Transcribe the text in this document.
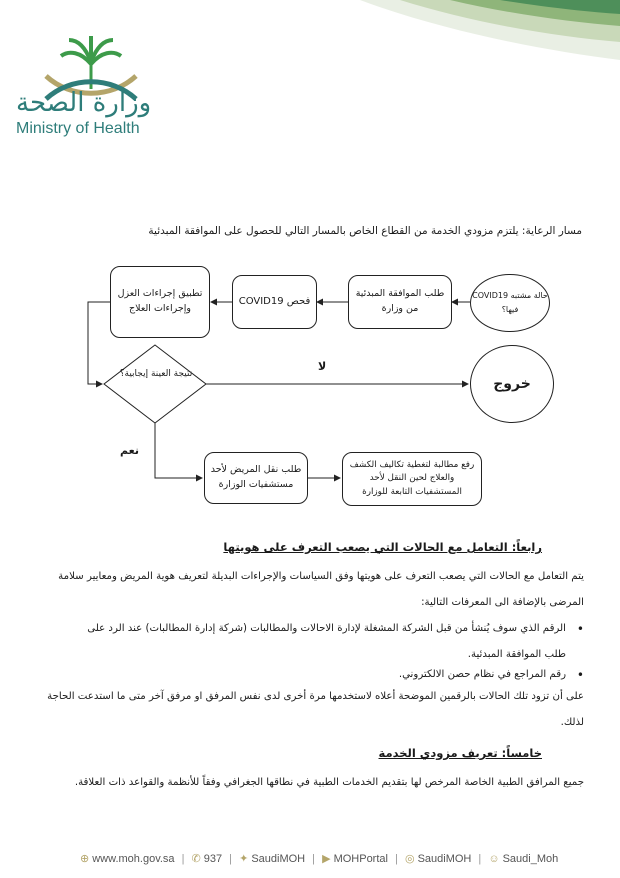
وزارة الصحة
Ministry of Health
مسار الرعاية: يلتزم مزودي الخدمة من القطاع الخاص بالمسار التالي للحصول على الموافقة المبدئية
حالة مشتبه COVID19 فيها؟
طلب الموافقة المبدئية من وزارة
فحص COVID19
تطبيق إجراءات العزل وإجراءات العلاج
نتيجة العينة إيجابية؟
لا
خروج
نعم
طلب نقل المريض لأحد مستشفيات الوزارة
رفع مطالبة لتغطية تكاليف الكشف والعلاج لحين النقل لأحد المستشفيات التابعة للوزارة
رابعاً: التعامل مع الحالات التي يصعب التعرف على هويتها
يتم التعامل مع الحالات التي يصعب التعرف على هويتها وفق السياسات والإجراءات البديلة لتعريف هوية المريض ومعايير سلامة المرضى بالإضافة الى المعرفات التالية:
• الرقم الذي سوف يُنشأ من قبل الشركة المشغلة لإدارة الاحالات والمطالبات (شركة إدارة المطالبات) عند الرد على طلب الموافقة المبدئية.
• رقم المراجع في نظام حصن الالكتروني.
على أن تزود تلك الحالات بالرقمين الموضحة أعلاه لاستخدمها مرة أخرى لدى نفس المرفق او مرفق آخر متى ما استدعت الحاجة لذلك.
خامساً: تعريف مزودي الخدمة
جميع المرافق الطبية الخاصة المرخص لها بتقديم الخدمات الطبية في نطاقها الجغرافي وفقاً للأنظمة والقواعد ذات العلاقة.
⊕ www.moh.gov.sa | ✆ 937 | ✦ SaudiMOH | ▶ MOHPortal | ◎ SaudiMOH | ☺ Saudi_Moh
